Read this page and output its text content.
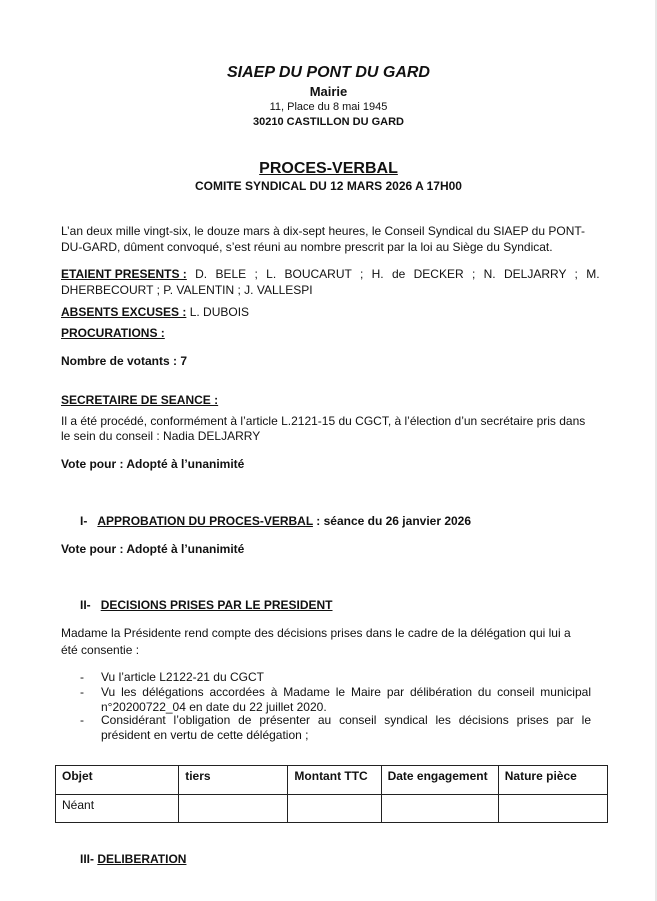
SIAEP DU PONT DU GARD
Mairie
11, Place du 8 mai 1945
30210 CASTILLON DU GARD
PROCES-VERBAL
COMITE SYNDICAL DU 12 MARS 2026 A 17H00
L’an deux mille vingt-six, le douze mars à dix-sept heures, le Conseil Syndical du SIAEP du PONT-
DU-GARD, dûment convoqué, s’est réuni au nombre prescrit par la loi au Siège du Syndicat.
ETAIENT PRESENTS : D. BELE ; L. BOUCARUT ; H. de DECKER ; N. DELJARRY ; M.
DHERBECOURT ; P. VALENTIN ; J. VALLESPI
ABSENTS EXCUSES : L. DUBOIS
PROCURATIONS :
Nombre de votants : 7
SECRETAIRE DE SEANCE :
Il a été procédé, conformément à l’article L.2121-15 du CGCT, à l’élection d’un secrétaire pris dans
le sein du conseil : Nadia DELJARRY
Vote pour : Adopté à l’unanimité
I- APPROBATION DU PROCES-VERBAL : séance du 26 janvier 2026
Vote pour : Adopté à l’unanimité
II- DECISIONS PRISES PAR LE PRESIDENT
Madame la Présidente rend compte des décisions prises dans le cadre de la délégation qui lui a
été consentie :
- Vu l’article L2122-21 du CGCT
- Vu les délégations accordées à Madame le Maire par délibération du conseil municipal
n°20200722_04 en date du 22 juillet 2020.
- Considérant l’obligation de présenter au conseil syndical les décisions prises par le
président en vertu de cette délégation ;
Objet	tiers	Montant TTC	Date engagement	Nature pièce
Néant				
III- DELIBERATION
